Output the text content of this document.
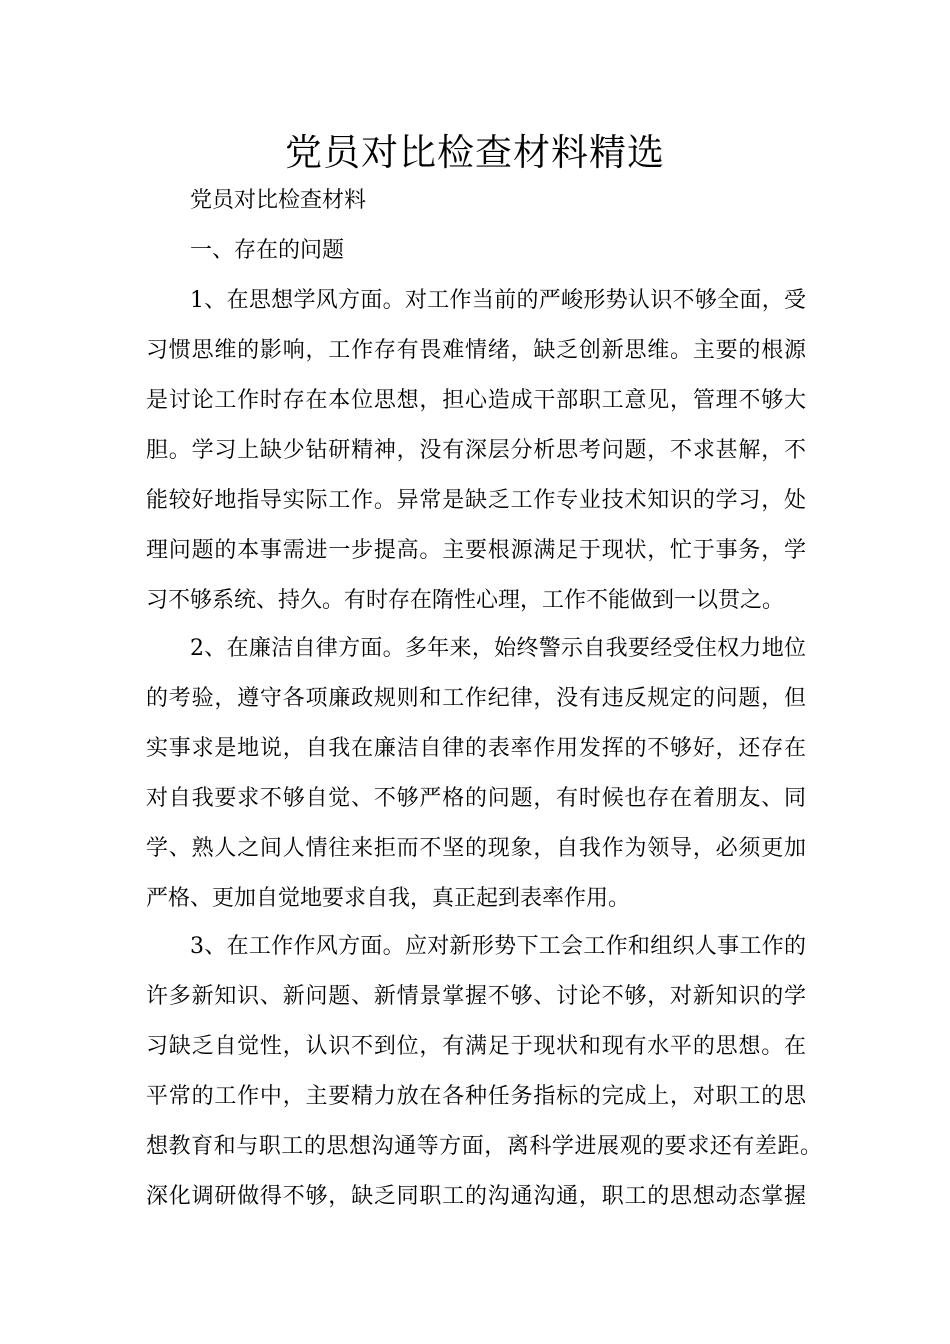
党员对比检查材料精选
党员对比检查材料
一、存在的问题
1、在思想学风方面。对工作当前的严峻形势认识不够全面，受
习惯思维的影响，工作存有畏难情绪，缺乏创新思维。主要的根源
是讨论工作时存在本位思想，担心造成干部职工意见，管理不够大
胆。学习上缺少钻研精神，没有深层分析思考问题，不求甚解，不
能较好地指导实际工作。异常是缺乏工作专业技术知识的学习，处
理问题的本事需进一步提高。主要根源满足于现状，忙于事务，学
习不够系统、持久。有时存在隋性心理，工作不能做到一以贯之。
2、在廉洁自律方面。多年来，始终警示自我要经受住权力地位
的考验，遵守各项廉政规则和工作纪律，没有违反规定的问题，但
实事求是地说，自我在廉洁自律的表率作用发挥的不够好，还存在
对自我要求不够自觉、不够严格的问题，有时候也存在着朋友、同
学、熟人之间人情往来拒而不坚的现象，自我作为领导，必须更加
严格、更加自觉地要求自我，真正起到表率作用。
3、在工作作风方面。应对新形势下工会工作和组织人事工作的
许多新知识、新问题、新情景掌握不够、讨论不够，对新知识的学
习缺乏自觉性，认识不到位，有满足于现状和现有水平的思想。在
平常的工作中，主要精力放在各种任务指标的完成上，对职工的思
想教育和与职工的思想沟通等方面，离科学进展观的要求还有差距。
深化调研做得不够，缺乏同职工的沟通沟通，职工的思想动态掌握
